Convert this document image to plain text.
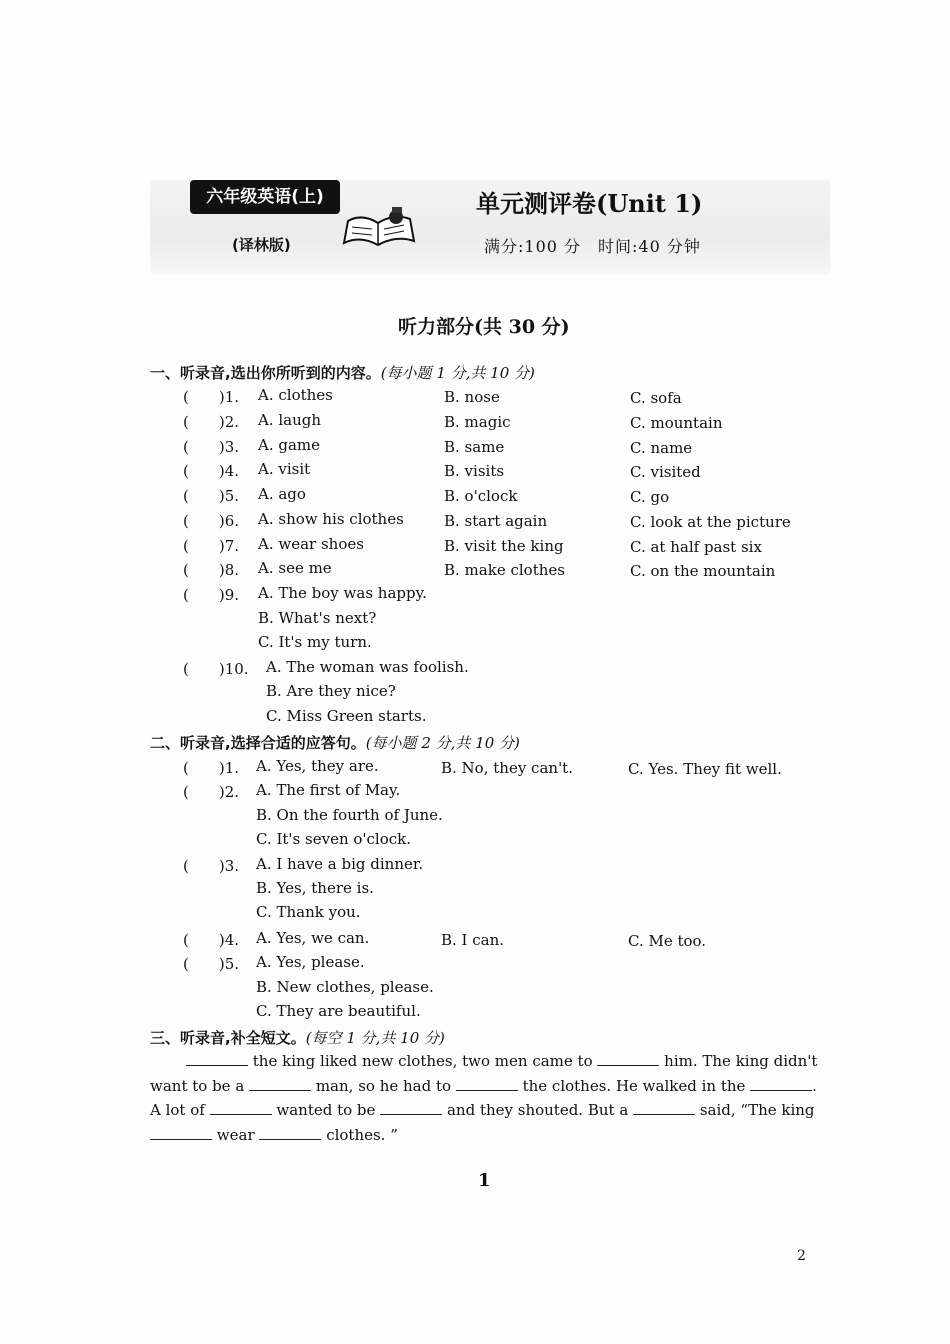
六年级英语(上)
(译林版)
单元测评卷(Unit 1)
满分:100 分　时间:40 分钟
听力部分(共 30 分)
一、听录音,选出你所听到的内容。(每小题 1 分,共 10 分)
(　　)1. A. clothes	B. nose	C. sofa
(　　)2. A. laugh	B. magic	C. mountain
(　　)3. A. game	B. same	C. name
(　　)4. A. visit	B. visits	C. visited
(　　)5. A. ago	B. o'clock	C. go
(　　)6. A. show his clothes	B. start again	C. look at the picture
(　　)7. A. wear shoes	B. visit the king	C. at half past six
(　　)8. A. see me	B. make clothes	C. on the mountain
(　　)9. A. The boy was happy.
B. What's next?
C. It's my turn.
(　　)10. A. The woman was foolish.
B. Are they nice?
C. Miss Green starts.
二、听录音,选择合适的应答句。(每小题 2 分,共 10 分)
(　　)1. A. Yes, they are.	B. No, they can't.	C. Yes. They fit well.
(　　)2. A. The first of May.
B. On the fourth of June.
C. It's seven o'clock.
(　　)3. A. I have a big dinner.
B. Yes, there is.
C. Thank you.
(　　)4. A. Yes, we can.	B. I can.	C. Me too.
(　　)5. A. Yes, please.
B. New clothes, please.
C. They are beautiful.
三、听录音,补全短文。(每空 1 分,共 10 分)
the king liked new clothes, two men came to	him. The king didn't
want to be a	man, so he had to	the clothes. He walked in the	.
A lot of	wanted to be	and they shouted. But a	said, “The king
wear	clothes. ”
1
2
